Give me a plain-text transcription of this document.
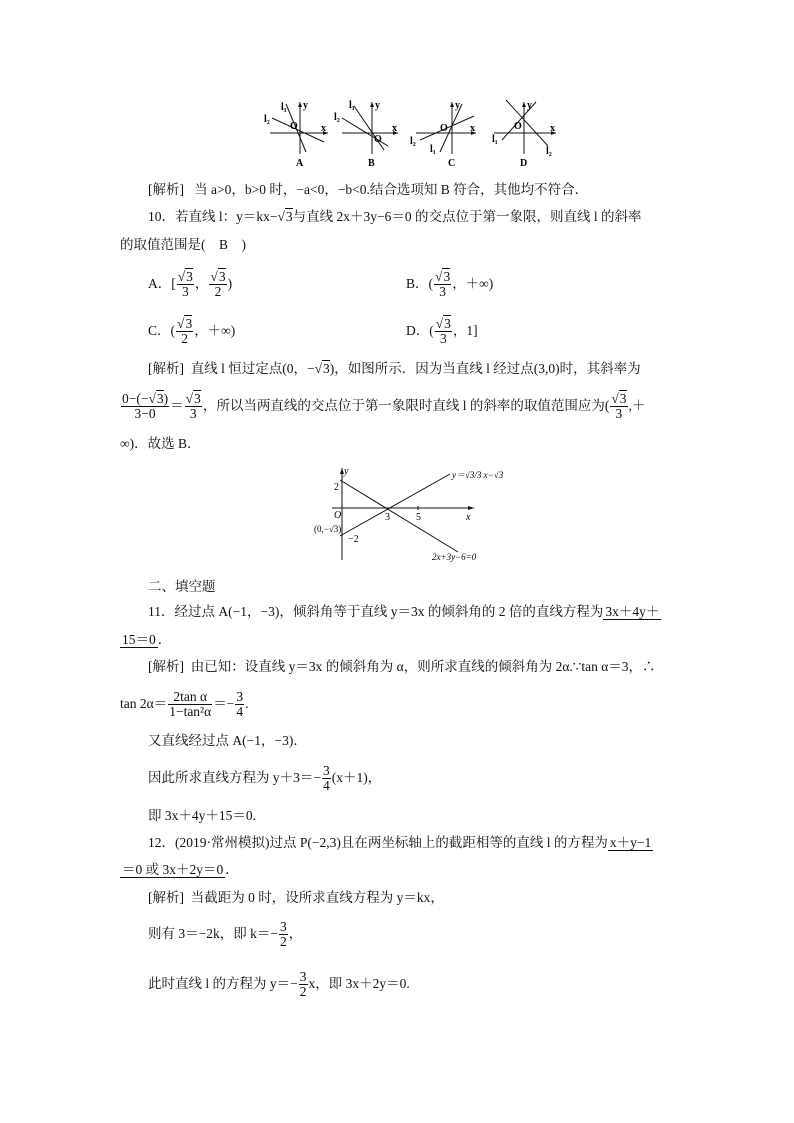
x
y
O
l₁
l₂
A
x
y
O
l₁
l₂
B
x
y
O
l₁
l₂
C
x
y
O
l₁
l₂
D
[解析] 当 a>0，b>0 时，−a<0，−b<0.结合选项知 B 符合，其他均不符合．
10．若直线 l：y＝kx−√3与直线 2x＋3y−6＝0 的交点位于第一象限，则直线 l 的斜率
的取值范围是(　B　)
A．[ $\frac{√3}{3}$ ， $\frac{√3}{2}$ )	B．( $\frac{√3}{3}$ ，＋∞)
C．( $\frac{√3}{2}$ ，＋∞)	D．( $\frac{√3}{3}$ ，1]
[解析] 直线 l 恒过定点(0，−√3)，如图所示．因为当直线 l 经过点(3,0)时，其斜率为
$\frac{0-(-√3)}{3-0} = \frac{√3}{3}$ ，所以当两直线的交点位于第一象限时直线 l 的斜率的取值范围应为( $\frac{√3}{3}$ ,＋
∞)．故选 B．
y
x
O
2
3	5
−2
(0,−√3)
y＝√3/3 x−√3
2x+3y−6=0
二、填空题
11．经过点 A(−1，−3)，倾斜角等于直线 y＝3x 的倾斜角的 2 倍的直线方程为 3x＋4y＋
15＝0 ．
[解析] 由已知：设直线 y＝3x 的倾斜角为 α，则所求直线的倾斜角为 2α.∵tan α＝3，∴
$\tan 2\alpha= \frac{\text{2tan α}}{\text{1−tan²α}} =- \frac{3}{4}$ .
又直线经过点 A(−1，−3)．
因此所求直线方程为 $y+3=- \frac{3}{4} (x+1)$，
即 3x＋4y＋15＝0.
12．(2019·常州模拟)过点 P(−2,3)且在两坐标轴上的截距相等的直线 l 的方程为 x＋y−1
＝0 或 3x＋2y＝0 ．
[解析] 当截距为 0 时，设所求直线方程为 y＝kx，
则有 3＝−2k，即 $k=- \frac{3}{2}$ ，
此时直线 l 的方程为 $y=- \frac{3}{2}$ x，即 3x＋2y＝0.
